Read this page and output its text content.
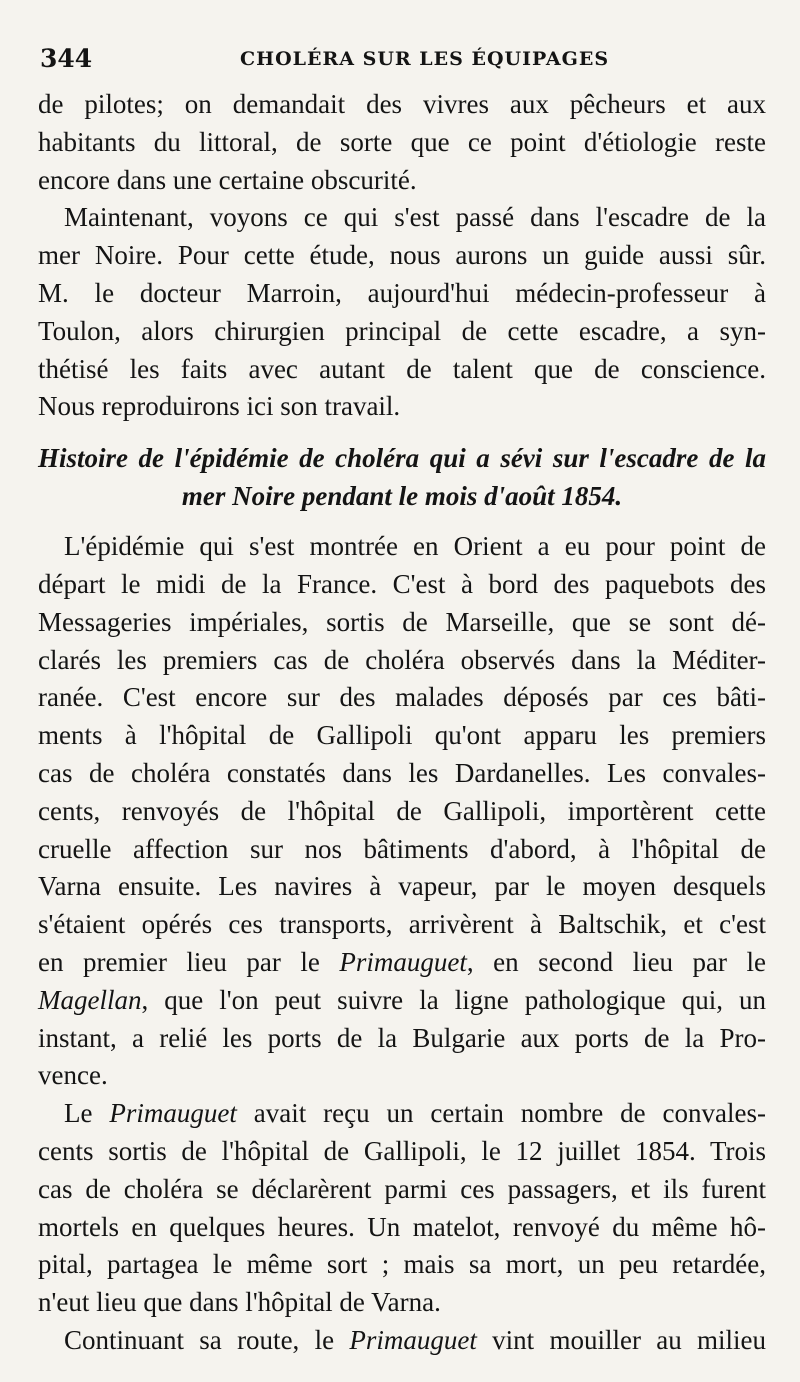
344	CHOLÉRA SUR LES ÉQUIPAGES
de pilotes; on demandait des vivres aux pêcheurs et aux
habitants du littoral, de sorte que ce point d'étiologie reste
encore dans une certaine obscurité.
Maintenant, voyons ce qui s'est passé dans l'escadre de la
mer Noire. Pour cette étude, nous aurons un guide aussi sûr.
M. le docteur Marroin, aujourd'hui médecin-professeur à
Toulon, alors chirurgien principal de cette escadre, a syn-
thétisé les faits avec autant de talent que de conscience.
Nous reproduirons ici son travail.
Histoire de l'épidémie de choléra qui a sévi sur l'escadre de la
mer Noire pendant le mois d'août 1854.
L'épidémie qui s'est montrée en Orient a eu pour point de
départ le midi de la France. C'est à bord des paquebots des
Messageries impériales, sortis de Marseille, que se sont dé-
clarés les premiers cas de choléra observés dans la Méditer-
ranée. C'est encore sur des malades déposés par ces bâti-
ments à l'hôpital de Gallipoli qu'ont apparu les premiers
cas de choléra constatés dans les Dardanelles. Les convales-
cents, renvoyés de l'hôpital de Gallipoli, importèrent cette
cruelle affection sur nos bâtiments d'abord, à l'hôpital de
Varna ensuite. Les navires à vapeur, par le moyen desquels
s'étaient opérés ces transports, arrivèrent à Baltschik, et c'est
en premier lieu par le Primauguet, en second lieu par le
Magellan, que l'on peut suivre la ligne pathologique qui, un
instant, a relié les ports de la Bulgarie aux ports de la Pro-
vence.
Le Primauguet avait reçu un certain nombre de convales-
cents sortis de l'hôpital de Gallipoli, le 12 juillet 1854. Trois
cas de choléra se déclarèrent parmi ces passagers, et ils furent
mortels en quelques heures. Un matelot, renvoyé du même hô-
pital, partagea le même sort ; mais sa mort, un peu retardée,
n'eut lieu que dans l'hôpital de Varna.
Continuant sa route, le Primauguet vint mouiller au milieu
